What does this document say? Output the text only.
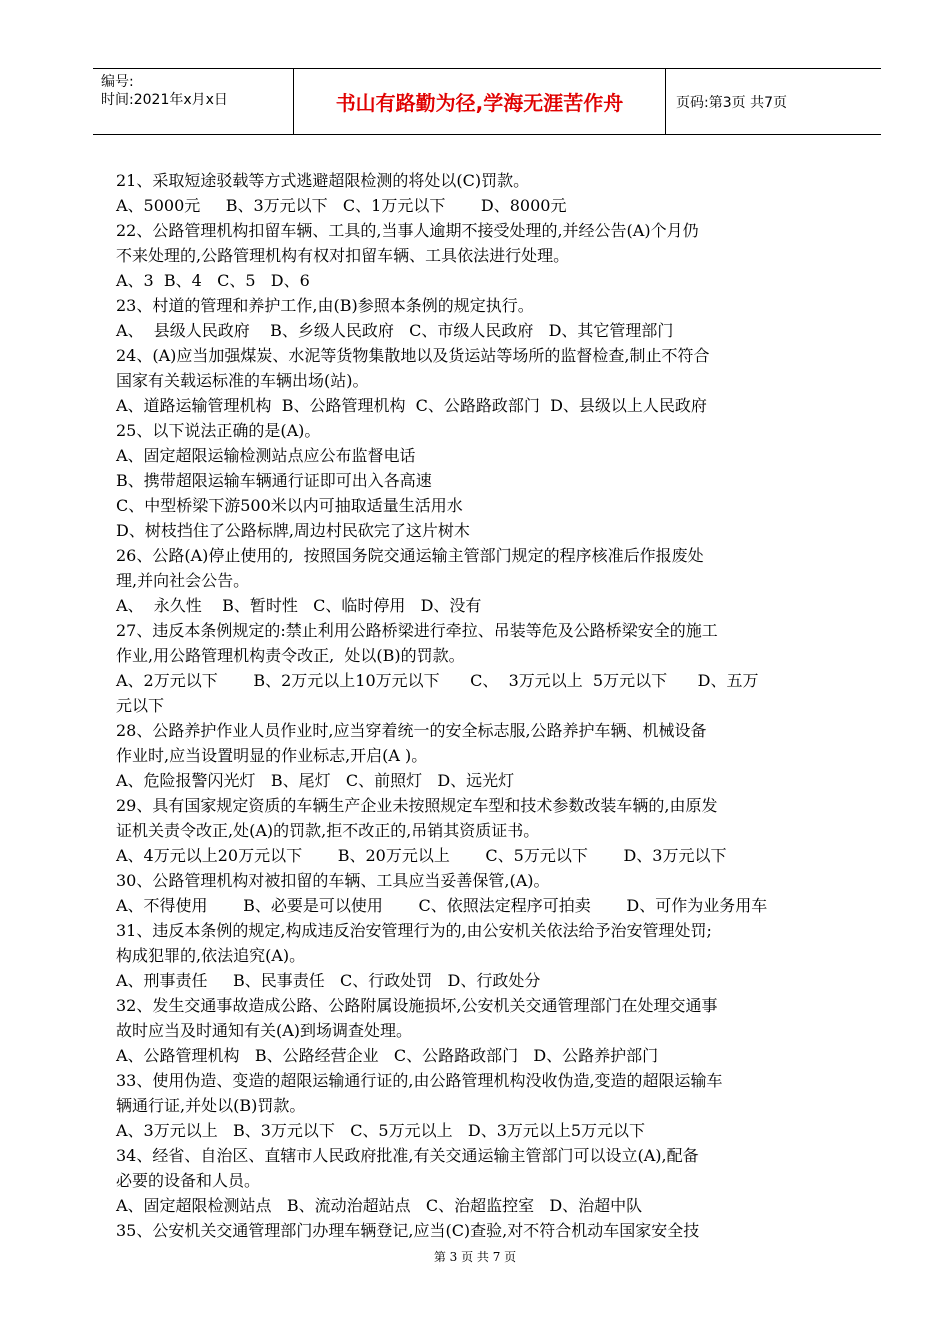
编号:
时间:2021年x月x日	书山有路勤为径,学海无涯苦作舟	页码:第3页 共7页
21、采取短途驳载等方式逃避超限检测的将处以(C)罚款。
A、5000元     B、3万元以下   C、1万元以下       D、8000元
22、公路管理机构扣留车辆、工具的,当事人逾期不接受处理的,并经公告(A)个月仍
不来处理的,公路管理机构有权对扣留车辆、工具依法进行处理。
A、3  B、4   C、5   D、6
23、村道的管理和养护工作,由(B)参照本条例的规定执行。
A、  县级人民政府    B、乡级人民政府   C、市级人民政府   D、其它管理部门
24、(A)应当加强煤炭、水泥等货物集散地以及货运站等场所的监督检查,制止不符合
国家有关载运标准的车辆出场(站)。
A、道路运输管理机构  B、公路管理机构  C、公路路政部门  D、县级以上人民政府
25、以下说法正确的是(A)。
A、固定超限运输检测站点应公布监督电话
B、携带超限运输车辆通行证即可出入各高速
C、中型桥梁下游500米以内可抽取适量生活用水
D、树枝挡住了公路标牌,周边村民砍完了这片树木
26、公路(A)停止使用的,  按照国务院交通运输主管部门规定的程序核准后作报废处
理,并向社会公告。
A、  永久性    B、暂时性   C、临时停用   D、没有
27、违反本条例规定的:禁止利用公路桥梁进行牵拉、吊装等危及公路桥梁安全的施工
作业,用公路管理机构责令改正,  处以(B)的罚款。
A、2万元以下       B、2万元以上10万元以下      C、  3万元以上  5万元以下      D、五万
元以下
28、公路养护作业人员作业时,应当穿着统一的安全标志服,公路养护车辆、机械设备
作业时,应当设置明显的作业标志,开启(A )。
A、危险报警闪光灯   B、尾灯   C、前照灯   D、远光灯
29、具有国家规定资质的车辆生产企业未按照规定车型和技术参数改装车辆的,由原发
证机关责令改正,处(A)的罚款,拒不改正的,吊销其资质证书。
A、4万元以上20万元以下       B、20万元以上       C、5万元以下       D、3万元以下
30、公路管理机构对被扣留的车辆、工具应当妥善保管,(A)。
A、不得使用       B、必要是可以使用       C、依照法定程序可拍卖       D、可作为业务用车
31、违反本条例的规定,构成违反治安管理行为的,由公安机关依法给予治安管理处罚;
构成犯罪的,依法追究(A)。
A、刑事责任     B、民事责任   C、行政处罚   D、行政处分
32、发生交通事故造成公路、公路附属设施损坏,公安机关交通管理部门在处理交通事
故时应当及时通知有关(A)到场调查处理。
A、公路管理机构   B、公路经营企业   C、公路路政部门   D、公路养护部门
33、使用伪造、变造的超限运输通行证的,由公路管理机构没收伪造,变造的超限运输车
辆通行证,并处以(B)罚款。
A、3万元以上   B、3万元以下   C、5万元以上   D、3万元以上5万元以下
34、经省、自治区、直辖市人民政府批准,有关交通运输主管部门可以设立(A),配备
必要的设备和人员。
A、固定超限检测站点   B、流动治超站点   C、治超监控室   D、治超中队
35、公安机关交通管理部门办理车辆登记,应当(C)查验,对不符合机动车国家安全技
第 3 页 共 7 页
